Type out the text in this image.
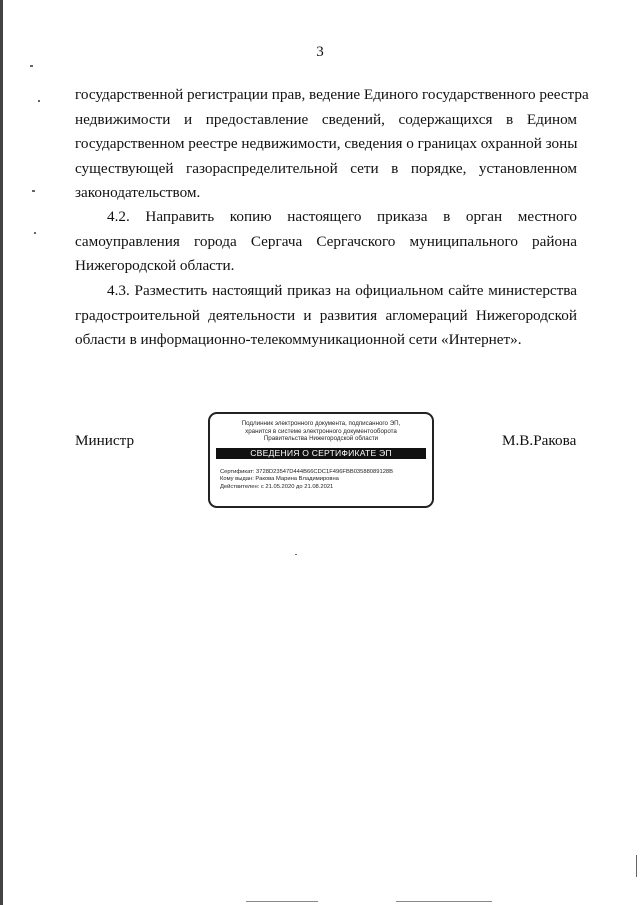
3
государственной регистрации прав, ведение Единого государственного реестра
недвижимости и предоставление сведений, содержащихся в Едином
государственном реестре недвижимости, сведения о границах охранной зоны
существующей газораспределительной сети в порядке, установленном
законодательством.
4.2. Направить копию настоящего приказа в орган местного
самоуправления города Сергача Сергачского муниципального района
Нижегородской области.
4.3. Разместить настоящий приказ на официальном сайте министерства
градостроительной деятельности и развития агломераций Нижегородской
области в информационно-телекоммуникационной сети «Интернет».
Министр	М.В.Ракова
Подлинник электронного документа, подписанного ЭП,
хранится в системе электронного документооборота
Правительства Нижегородской области
СВЕДЕНИЯ О СЕРТИФИКАТЕ ЭП
Сертификат: 3728D23547D444B66CDC1F496FBB03588089128B
Кому выдан: Ракова Марина Владимировна
Действителен: с 21.05.2020 до 21.08.2021
